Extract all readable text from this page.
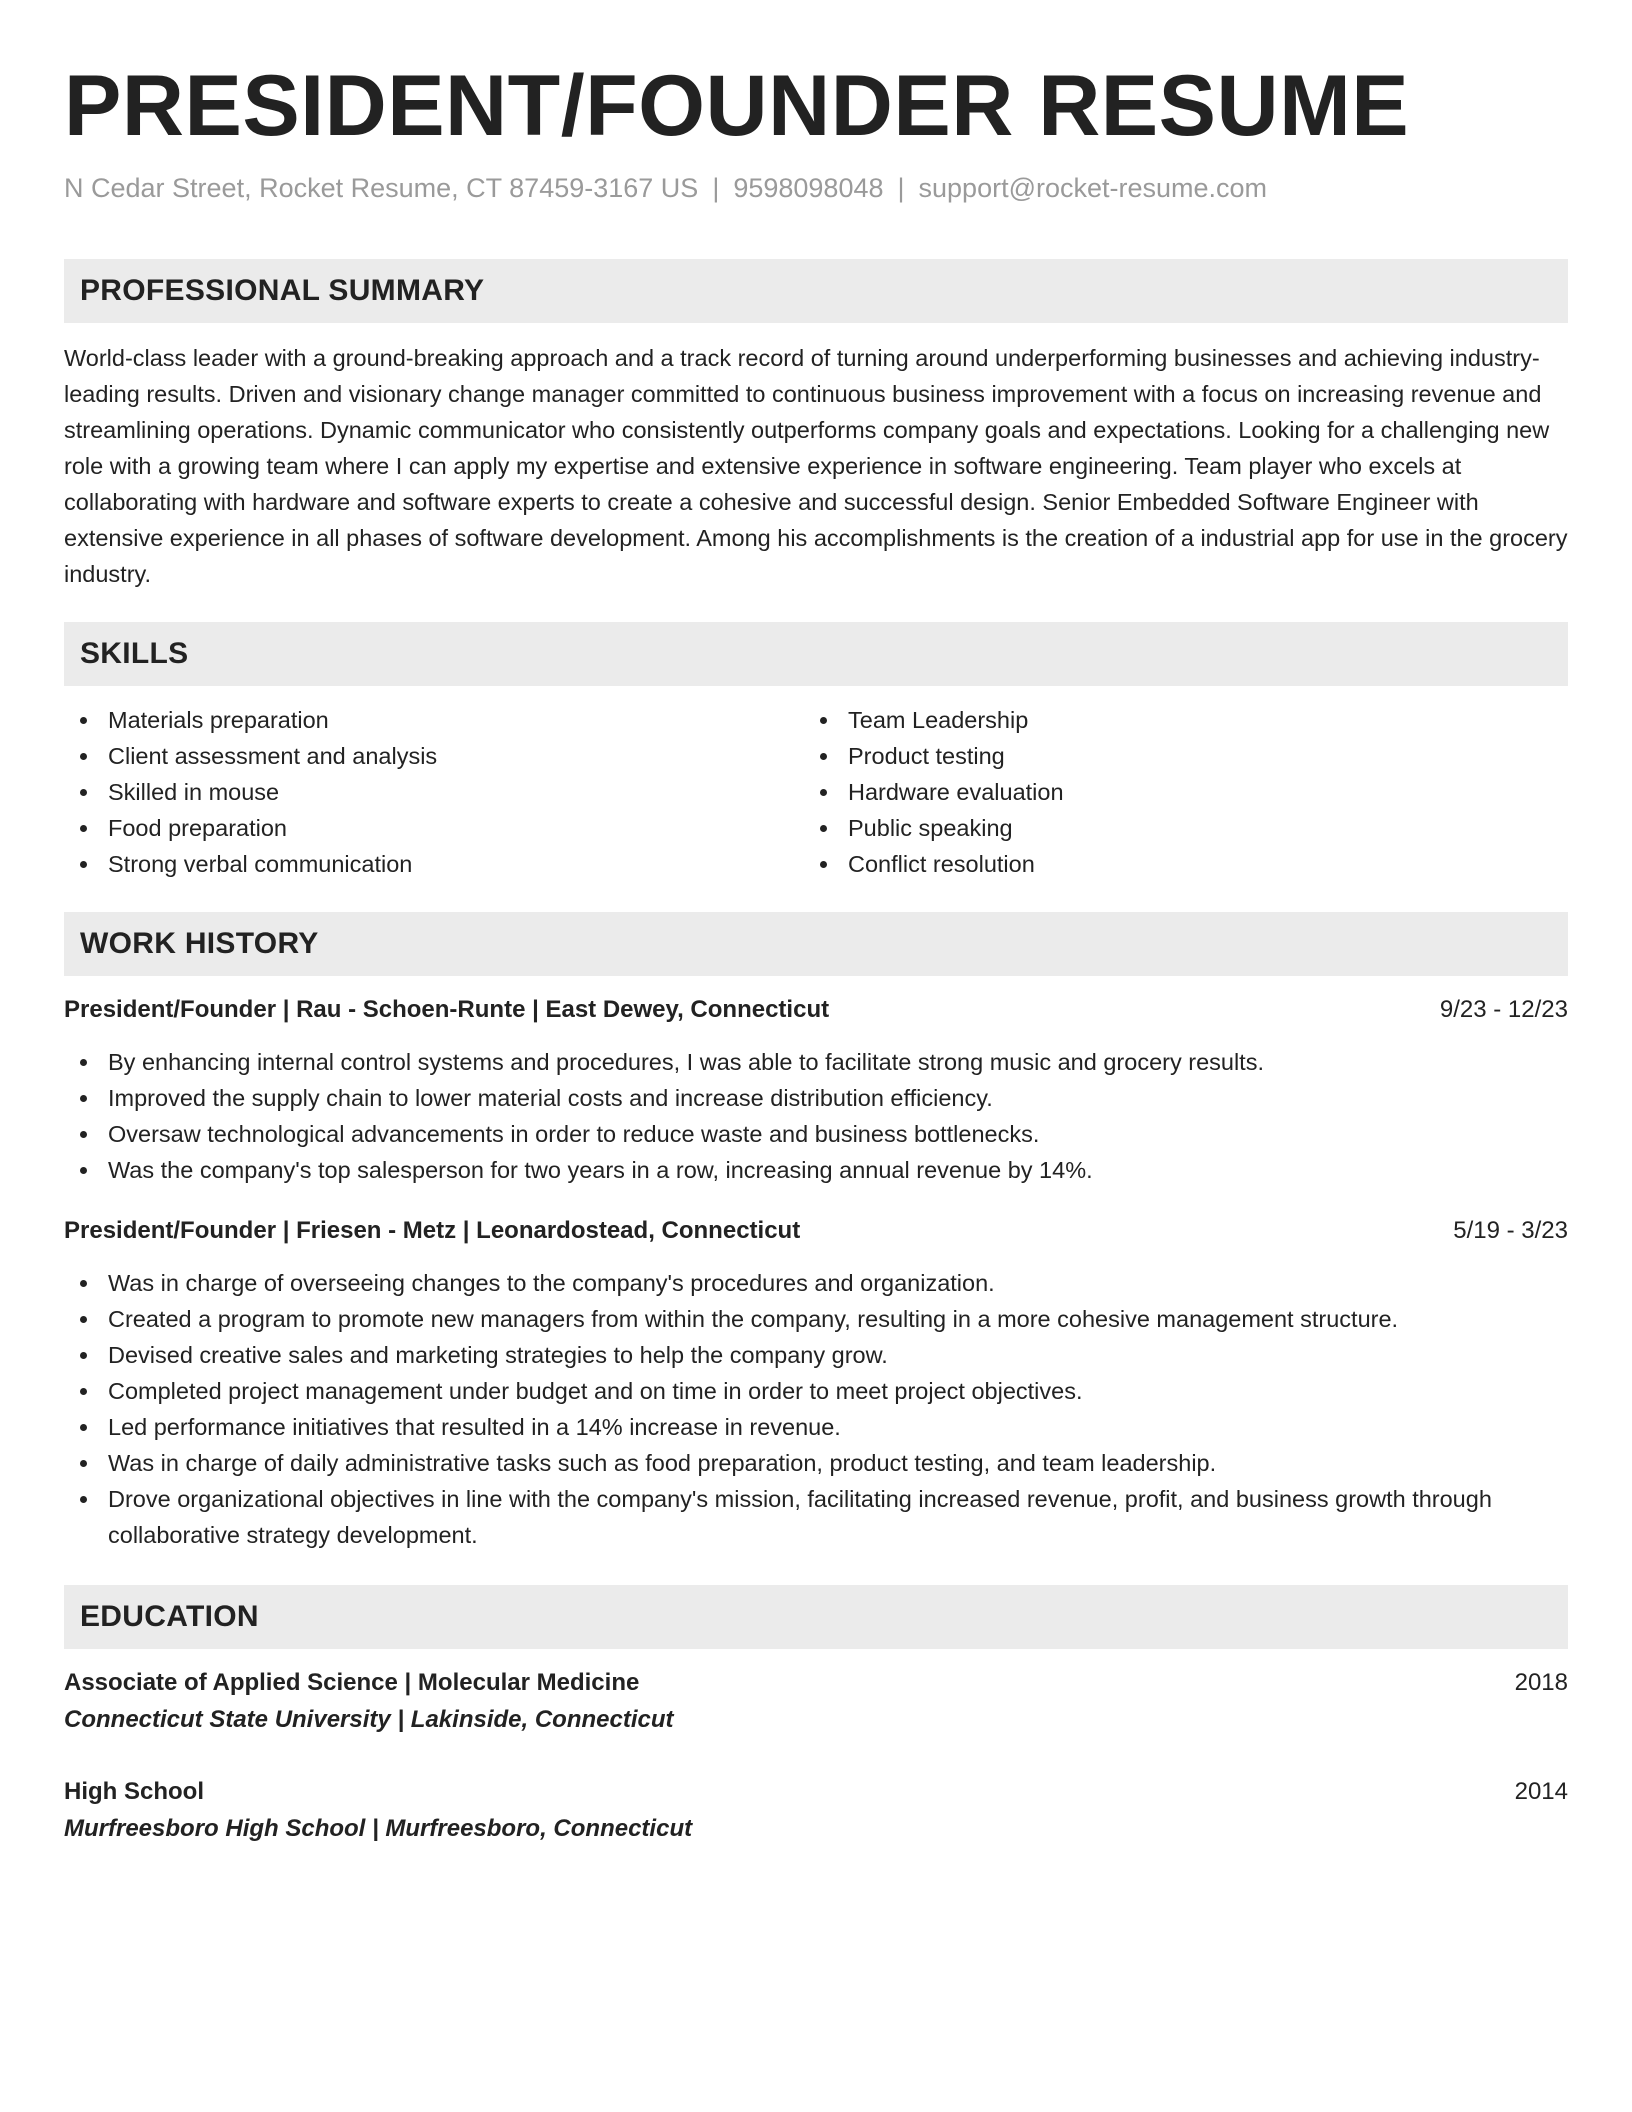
PRESIDENT/FOUNDER RESUME
N Cedar Street, Rocket Resume, CT 87459-3167 US | 9598098048 | support@rocket-resume.com
PROFESSIONAL SUMMARY
World-class leader with a ground-breaking approach and a track record of turning around underperforming businesses and achieving industry-leading results. Driven and visionary change manager committed to continuous business improvement with a focus on increasing revenue and streamlining operations. Dynamic communicator who consistently outperforms company goals and expectations. Looking for a challenging new role with a growing team where I can apply my expertise and extensive experience in software engineering. Team player who excels at collaborating with hardware and software experts to create a cohesive and successful design. Senior Embedded Software Engineer with extensive experience in all phases of software development. Among his accomplishments is the creation of a industrial app for use in the grocery industry.
SKILLS
Materials preparation
Client assessment and analysis
Skilled in mouse
Food preparation
Strong verbal communication
Team Leadership
Product testing
Hardware evaluation
Public speaking
Conflict resolution
WORK HISTORY
President/Founder | Rau - Schoen-Runte | East Dewey, Connecticut	9/23 - 12/23
By enhancing internal control systems and procedures, I was able to facilitate strong music and grocery results.
Improved the supply chain to lower material costs and increase distribution efficiency.
Oversaw technological advancements in order to reduce waste and business bottlenecks.
Was the company's top salesperson for two years in a row, increasing annual revenue by 14%.
President/Founder | Friesen - Metz | Leonardostead, Connecticut	5/19 - 3/23
Was in charge of overseeing changes to the company's procedures and organization.
Created a program to promote new managers from within the company, resulting in a more cohesive management structure.
Devised creative sales and marketing strategies to help the company grow.
Completed project management under budget and on time in order to meet project objectives.
Led performance initiatives that resulted in a 14% increase in revenue.
Was in charge of daily administrative tasks such as food preparation, product testing, and team leadership.
Drove organizational objectives in line with the company's mission, facilitating increased revenue, profit, and business growth through collaborative strategy development.
EDUCATION
Associate of Applied Science | Molecular Medicine	2018
Connecticut State University | Lakinside, Connecticut
High School	2014
Murfreesboro High School | Murfreesboro, Connecticut
